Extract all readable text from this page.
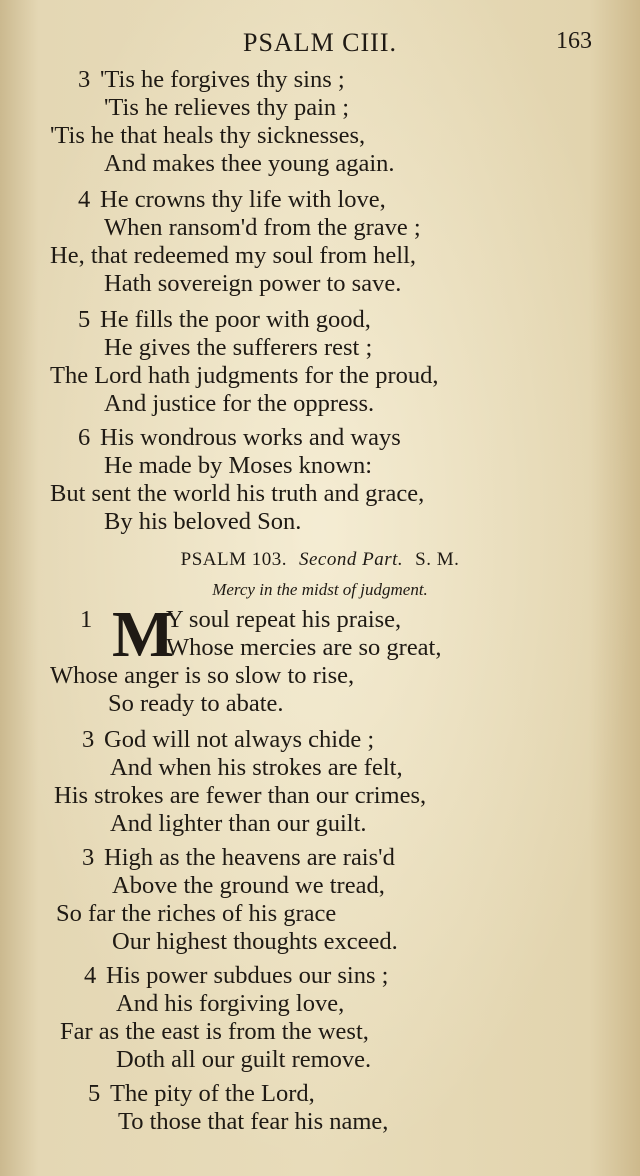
PSALM CIII.	163
3 'Tis he forgives thy sins ;
'Tis he relieves thy pain ;
'Tis he that heals thy sicknesses,
And makes thee young again.
4 He crowns thy life with love,
When ransom'd from the grave ;
He, that redeemed my soul from hell,
Hath sovereign power to save.
5 He fills the poor with good,
He gives the sufferers rest ;
The Lord hath judgments for the proud,
And justice for the oppress.
6 His wondrous works and ways
He made by Moses known:
But sent the world his truth and grace,
By his beloved Son.
PSALM 103. Second Part. S. M.
Mercy in the midst of judgment.
1 M
Y soul repeat his praise,
Whose mercies are so great,
Whose anger is so slow to rise,
So ready to abate.
3 God will not always chide ;
And when his strokes are felt,
His strokes are fewer than our crimes,
And lighter than our guilt.
3 High as the heavens are rais'd
Above the ground we tread,
So far the riches of his grace
Our highest thoughts exceed.
4 His power subdues our sins ;
And his forgiving love,
Far as the east is from the west,
Doth all our guilt remove.
5 The pity of the Lord,
To those that fear his name,
